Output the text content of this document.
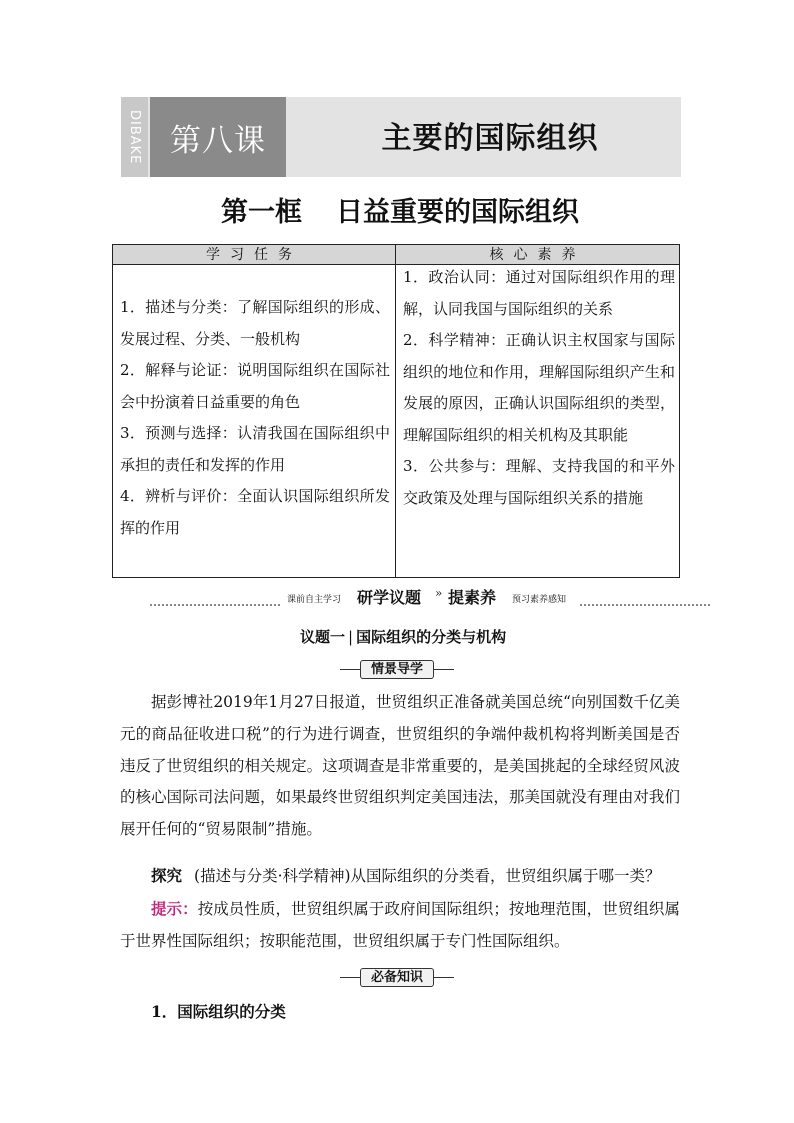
DIBAKE 第八课	主要的国际组织
第一框 日益重要的国际组织
学习任务	核心素养

1．描述与分类：了解国际组织的形成、发展过程、分类、一般机构

2．解释与论证：说明国际组织在国际社会中扮演着日益重要的角色

3．预测与选择：认清我国在国际组织中承担的责任和发挥的作用

4．辨析与评价：全面认识国际组织所发挥的作用

1．政治认同：通过对国际组织作用的理解，认同我国与国际组织的关系

2．科学精神：正确认识主权国家与国际组织的地位和作用，理解国际组织产生和发展的原因，正确认识国际组织的类型，理解国际组织的相关机构及其职能

3．公共参与：理解、支持我国的和平外交政策及处理与国际组织关系的措施

课前自主学习 研学议题 » 提素养 预习素养感知
议题一 | 国际组织的分类与机构
情景导学

据彭博社2019年1月27日报道，世贸组织正准备就美国总统“向别国数千亿美元的商品征收进口税”的行为进行调查，世贸组织的争端仲裁机构将判断美国是否违反了世贸组织的相关规定。这项调查是非常重要的，是美国挑起的全球经贸风波的核心国际司法问题，如果最终世贸组织判定美国违法，那美国就没有理由对我们展开任何的“贸易限制”措施。

探究 (描述与分类·科学精神)从国际组织的分类看，世贸组织属于哪一类？

提示：按成员性质，世贸组织属于政府间国际组织；按地理范围，世贸组织属于世界性国际组织；按职能范围，世贸组织属于专门性国际组织。

必备知识
1．国际组织的分类
